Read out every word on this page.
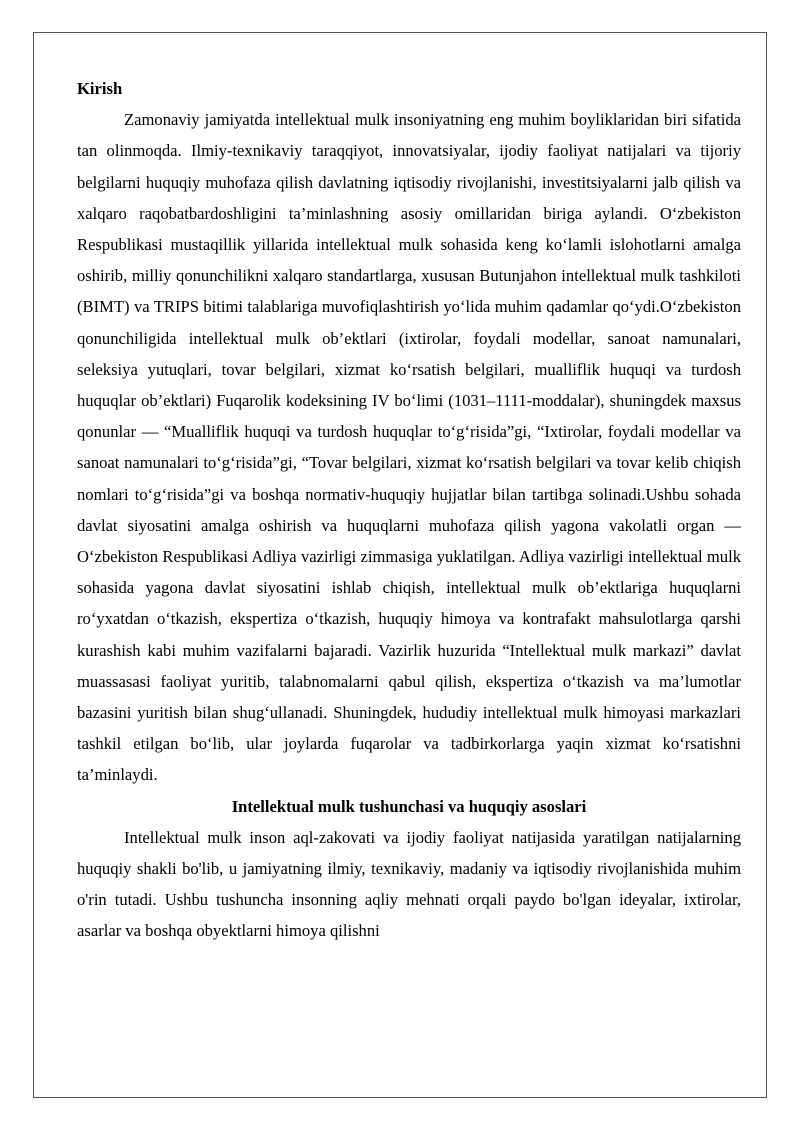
Kirish

Zamonaviy jamiyatda intellektual mulk insoniyatning eng muhim boyliklaridan biri sifatida tan olinmoqda. Ilmiy-texnikaviy taraqqiyot, innovatsiyalar, ijodiy faoliyat natijalari va tijoriy belgilarni huquqiy muhofaza qilish davlatning iqtisodiy rivojlanishi, investitsiyalarni jalb qilish va xalqaro raqobatbardoshligini ta’minlashning asosiy omillaridan biriga aylandi. O‘zbekiston Respublikasi mustaqillik yillarida intellektual mulk sohasida keng ko‘lamli islohotlarni amalga oshirib, milliy qonunchilikni xalqaro standartlarga, xususan Butunjahon intellektual mulk tashkiloti (BIMT) va TRIPS bitimi talablariga muvofiqlashtirish yo‘lida muhim qadamlar qo‘ydi.O‘zbekiston qonunchiligida intellektual mulk ob’ektlari (ixtirolar, foydali modellar, sanoat namunalari, seleksiya yutuqlari, tovar belgilari, xizmat ko‘rsatish belgilari, mualliflik huquqi va turdosh huquqlar ob’ektlari) Fuqarolik kodeksining IV bo‘limi (1031–1111-moddalar), shuningdek maxsus qonunlar — “Mualliflik huquqi va turdosh huquqlar to‘g‘risida”gi, “Ixtirolar, foydali modellar va sanoat namunalari to‘g‘risida”gi, “Tovar belgilari, xizmat ko‘rsatish belgilari va tovar kelib chiqish nomlari to‘g‘risida”gi va boshqa normativ-huquqiy hujjatlar bilan tartibga solinadi.Ushbu sohada davlat siyosatini amalga oshirish va huquqlarni muhofaza qilish yagona vakolatli organ — O‘zbekiston Respublikasi Adliya vazirligi zimmasiga yuklatilgan. Adliya vazirligi intellektual mulk sohasida yagona davlat siyosatini ishlab chiqish, intellektual mulk ob’ektlariga huquqlarni ro‘yxatdan o‘tkazish, ekspertiza o‘tkazish, huquqiy himoya va kontrafakt mahsulotlarga qarshi kurashish kabi muhim vazifalarni bajaradi. Vazirlik huzurida “Intellektual mulk markazi” davlat muassasasi faoliyat yuritib, talabnomalarni qabul qilish, ekspertiza o‘tkazish va ma’lumotlar bazasini yuritish bilan shug‘ullanadi. Shuningdek, hududiy intellektual mulk himoyasi markazlari tashkil etilgan bo‘lib, ular joylarda fuqarolar va tadbirkorlarga yaqin xizmat ko‘rsatishni ta’minlaydi.

Intellektual mulk tushunchasi va huquqiy asoslari

Intellektual mulk inson aql-zakovati va ijodiy faoliyat natijasida yaratilgan natijalarning huquqiy shakli bo'lib, u jamiyatning ilmiy, texnikaviy, madaniy va iqtisodiy rivojlanishida muhim o'rin tutadi. Ushbu tushuncha insonning aqliy mehnati orqali paydo bo'lgan ideyalar, ixtirolar, asarlar va boshqa obyektlarni himoya qilishni
